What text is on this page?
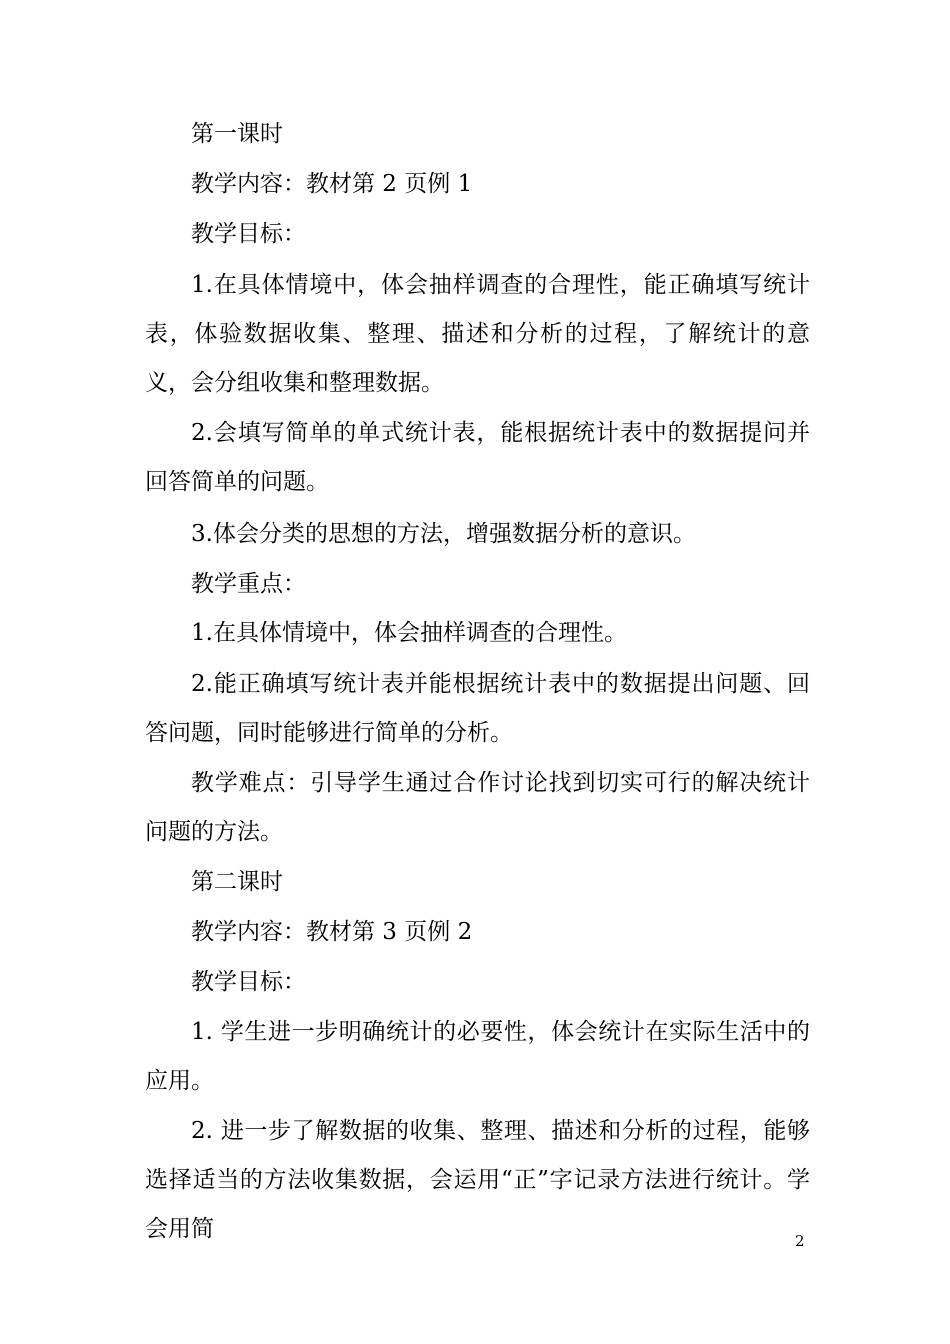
第一课时

教学内容：教材第 2 页例 1

教学目标：

1.在具体情境中，体会抽样调查的合理性，能正确填写统计表，体验数据收集、整理、描述和分析的过程，了解统计的意义，会分组收集和整理数据。

2.会填写简单的单式统计表，能根据统计表中的数据提问并回答简单的问题。

3.体会分类的思想的方法，增强数据分析的意识。

教学重点：

1.在具体情境中，体会抽样调查的合理性。

2.能正确填写统计表并能根据统计表中的数据提出问题、回答问题，同时能够进行简单的分析。

教学难点：引导学生通过合作讨论找到切实可行的解决统计问题的方法。

第二课时

教学内容：教材第 3 页例 2

教学目标：

1. 学生进一步明确统计的必要性，体会统计在实际生活中的应用。

2. 进一步了解数据的收集、整理、描述和分析的过程，能够选择适当的方法收集数据，会运用“正”字记录方法进行统计。学会用简	2
